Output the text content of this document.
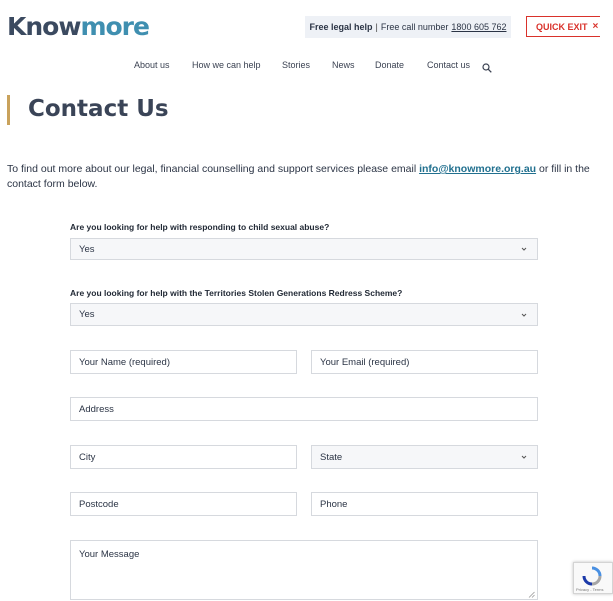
Knowmore	Free legal help | Free call number 1800 605 762	QUICK EXIT ×
About us How we can help Stories News Donate	Contact us
Contact Us
To find out more about our legal, financial counselling and support services please email info@knowmore.org.au or fill in the contact form below.
Are you looking for help with responding to child sexual abuse?
Yes
Are you looking for help with the Territories Stolen Generations Redress Scheme?
Yes
Your Name (required)	Your Email (required)
Address
City	State
Postcode	Phone
Your Message
Privacy - Terms
